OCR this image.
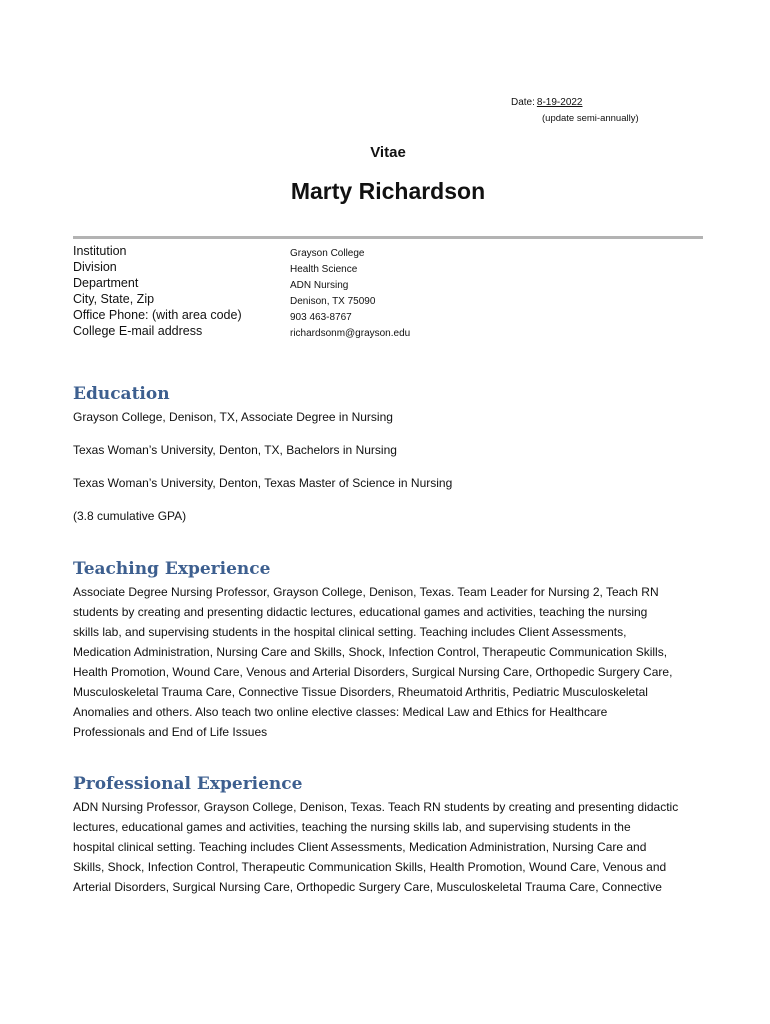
Date: 8-19-2022
(update semi-annually)
Vitae
Marty Richardson
Institution
Division
Department
City, State, Zip
Office Phone: (with area code)
College E-mail address
Grayson College
Health Science
ADN Nursing
Denison, TX 75090
903 463-8767
richardsonm@grayson.edu
Education
Grayson College, Denison, TX, Associate Degree in Nursing
Texas Woman’s University, Denton, TX, Bachelors in Nursing
Texas Woman’s University, Denton, Texas Master of Science in Nursing
(3.8 cumulative GPA)
Teaching Experience
Associate Degree Nursing Professor, Grayson College, Denison, Texas. Team Leader for Nursing 2, Teach RN
students by creating and presenting didactic lectures, educational games and activities, teaching the nursing
skills lab, and supervising students in the hospital clinical setting. Teaching includes Client Assessments,
Medication Administration, Nursing Care and Skills, Shock, Infection Control, Therapeutic Communication Skills,
Health Promotion, Wound Care, Venous and Arterial Disorders, Surgical Nursing Care, Orthopedic Surgery Care,
Musculoskeletal Trauma Care, Connective Tissue Disorders, Rheumatoid Arthritis, Pediatric Musculoskeletal
Anomalies and others. Also teach two online elective classes: Medical Law and Ethics for Healthcare
Professionals and End of Life Issues
Professional Experience
ADN Nursing Professor, Grayson College, Denison, Texas. Teach RN students by creating and presenting didactic
lectures, educational games and activities, teaching the nursing skills lab, and supervising students in the
hospital clinical setting. Teaching includes Client Assessments, Medication Administration, Nursing Care and
Skills, Shock, Infection Control, Therapeutic Communication Skills, Health Promotion, Wound Care, Venous and
Arterial Disorders, Surgical Nursing Care, Orthopedic Surgery Care, Musculoskeletal Trauma Care, Connective
